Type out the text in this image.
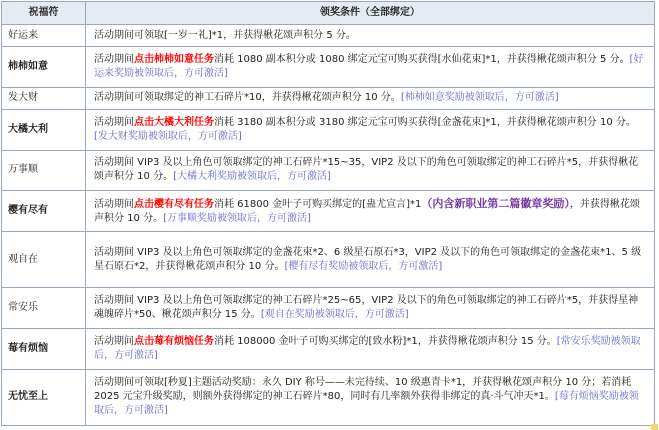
祝福符	领奖条件（全部绑定）
好运来	活动期间可领取[一岁一礼]*1，并获得楸花颂声积分 5 分。
柿柿如意	活动期间点击柿柿如意任务消耗 1080 副本积分或 1080 绑定元宝可购买获得[水仙花束]*1，并获得楸花颂声积分 5 分。[好运来奖励被领取后，方可激活]
发大财	活动期间可领取绑定的神工石碎片*10，并获得楸花颂声积分 10 分。[柿柿如意奖励被领取后，方可激活]
大橘大利	活动期间点击大橘大利任务消耗 3180 副本积分或 3180 绑定元宝可购买获得[金盏花束]*1，并获得楸花颂声积分 10 分。[发大财奖励被领取后，方可激活]
万事顺	活动期间 VIP3 及以上角色可领取绑定的神工石碎片*15~35，VIP2 及以下的角色可领取绑定的神工石碎片*5，并获得楸花颂声积分 10 分。[大橘大利奖励被领取后，方可激活]
樱有尽有	活动期间点击樱有尽有任务消耗 61800 金叶子可购买绑定的[蛊尤宣言]*1（内含新职业第二篇徽章奖励），并获得楸花颂声积分 10 分。[万事顺奖励被领取后，方可激活]
观自在	活动期间 VIP3 及以上角色可领取绑定的金盏花束*2、6 级星石原石*3，VIP2 及以下的角色可领取绑定的金盏花束*1、5 级星石原石*2，并获得楸花颂声积分 10 分。[樱有尽有奖励被领取后，方可激活]
常安乐	活动期间 VIP3 及以上角色可领取绑定的神工石碎片*25~65，VIP2 及以下的角色可领取绑定的神工石碎片*5，并获得星神魂魄碎片*50、楸花颂声积分 15 分。[观自在奖励被领取后，方可激活]
莓有烦恼	活动期间点击莓有烦恼任务消耗 108000 金叶子可购买绑定的[致水粉]*1，并获得楸花颂声积分 15 分。[常安乐奖励被领取后，方可激活]
无忧至上	活动期间可领取[秒夏]主题活动奖励：永久 DIY 称号——未完待续、10 级惠青卡*1，并获得楸花颂声积分 10 分；若消耗 2025 元宝升级奖励，则额外获得绑定的神工石碎片*80，同时有几率额外获得非绑定的真·斗气冲天*1。[莓有烦恼奖励被领取后，方可激活]
